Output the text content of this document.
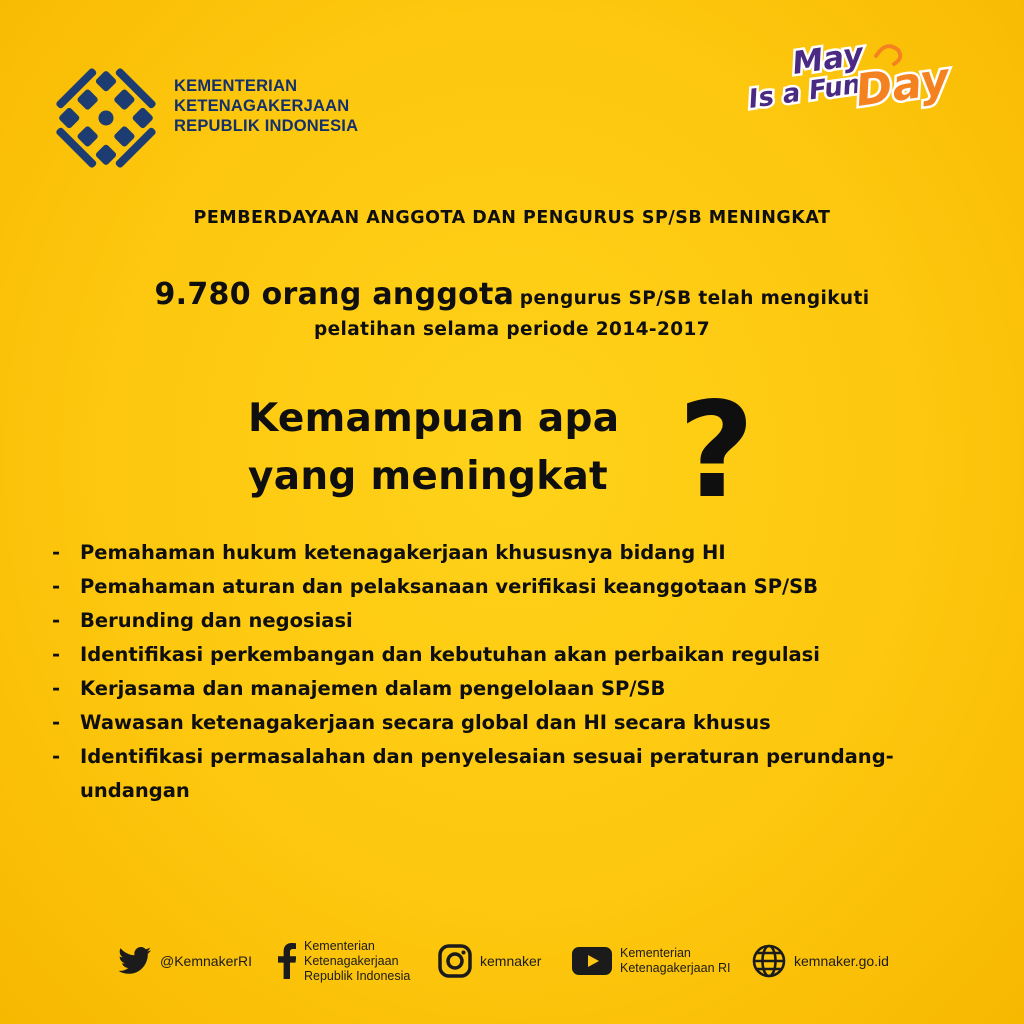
KEMENTERIAN
KETENAGAKERJAAN
REPUBLIK INDONESIA
May
Is a Fun
Day
PEMBERDAYAAN ANGGOTA DAN PENGURUS SP/SB MENINGKAT
9.780 orang anggota pengurus SP/SB telah mengikuti
pelatihan selama periode 2014-2017
Kemampuan apa
yang meningkat ?
-	Pemahaman hukum ketenagakerjaan khususnya bidang HI
-	Pemahaman aturan dan pelaksanaan verifikasi keanggotaan SP/SB
-	Berunding dan negosiasi
-	Identifikasi perkembangan dan kebutuhan akan perbaikan regulasi
-	Kerjasama dan manajemen dalam pengelolaan SP/SB
-	Wawasan ketenagakerjaan secara global dan HI secara khusus
-	Identifikasi permasalahan dan penyelesaian sesuai peraturan perundang-undangan
@KemnakerRI
Kementerian
Ketenagakerjaan
Republik Indonesia
kemnaker	Kementerian
Ketenagakerjaan RI	kemnaker.go.id
